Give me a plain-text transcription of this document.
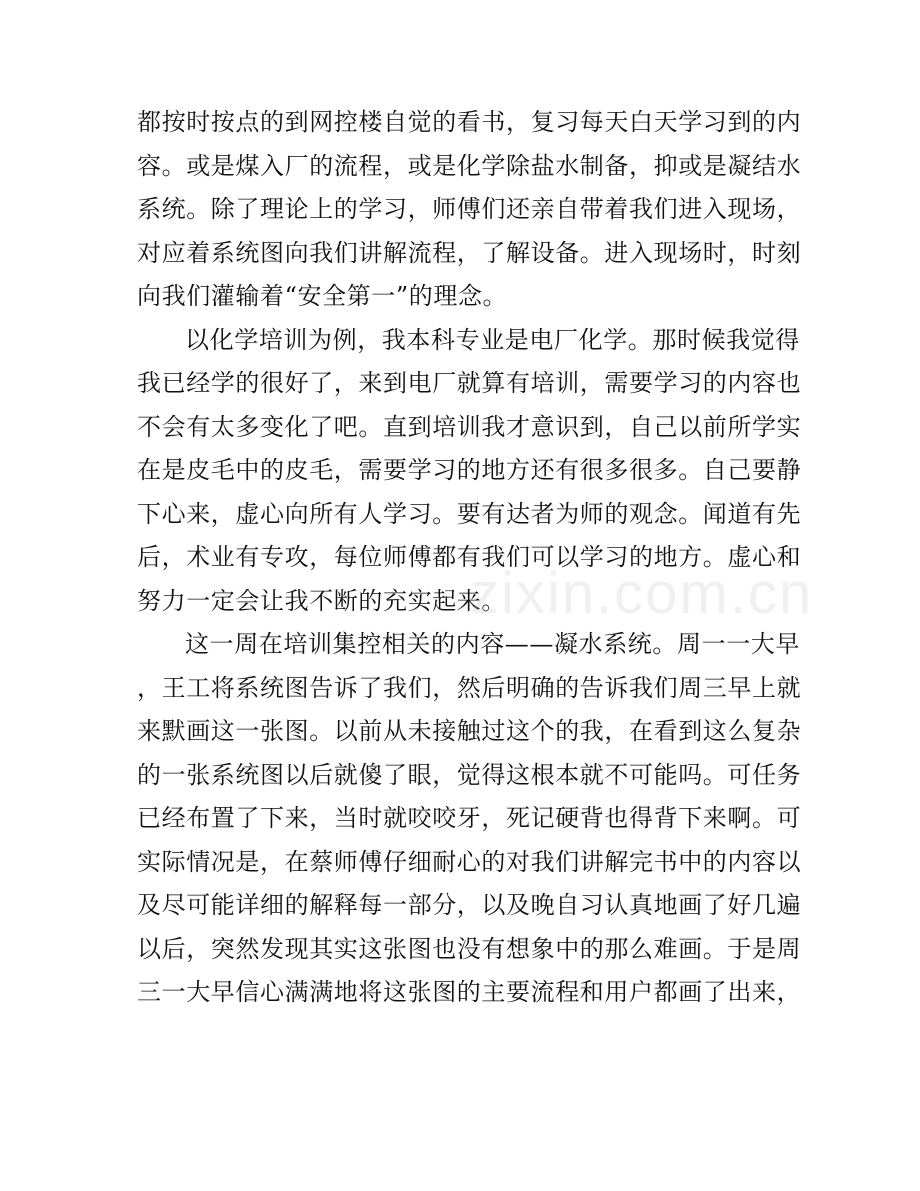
都按时按点的到网控楼自觉的看书，复习每天白天学习到的内
容。或是煤入厂的流程，或是化学除盐水制备，抑或是凝结水
系统。除了理论上的学习，师傅们还亲自带着我们进入现场，
对应着系统图向我们讲解流程，了解设备。进入现场时，时刻
向我们灌输着“安全第一”的理念。
以化学培训为例，我本科专业是电厂化学。那时候我觉得
我已经学的很好了，来到电厂就算有培训，需要学习的内容也
不会有太多变化了吧。直到培训我才意识到，自己以前所学实
在是皮毛中的皮毛，需要学习的地方还有很多很多。自己要静
下心来，虚心向所有人学习。要有达者为师的观念。闻道有先
后，术业有专攻，每位师傅都有我们可以学习的地方。虚心和
努力一定会让我不断的充实起来。
这一周在培训集控相关的内容——凝水系统。周一一大早
，王工将系统图告诉了我们，然后明确的告诉我们周三早上就
来默画这一张图。以前从未接触过这个的我，在看到这么复杂
的一张系统图以后就傻了眼，觉得这根本就不可能吗。可任务
已经布置了下来，当时就咬咬牙，死记硬背也得背下来啊。可
实际情况是，在蔡师傅仔细耐心的对我们讲解完书中的内容以
及尽可能详细的解释每一部分，以及晚自习认真地画了好几遍
以后，突然发现其实这张图也没有想象中的那么难画。于是周
三一大早信心满满地将这张图的主要流程和用户都画了出来，
zixin.com.cn
